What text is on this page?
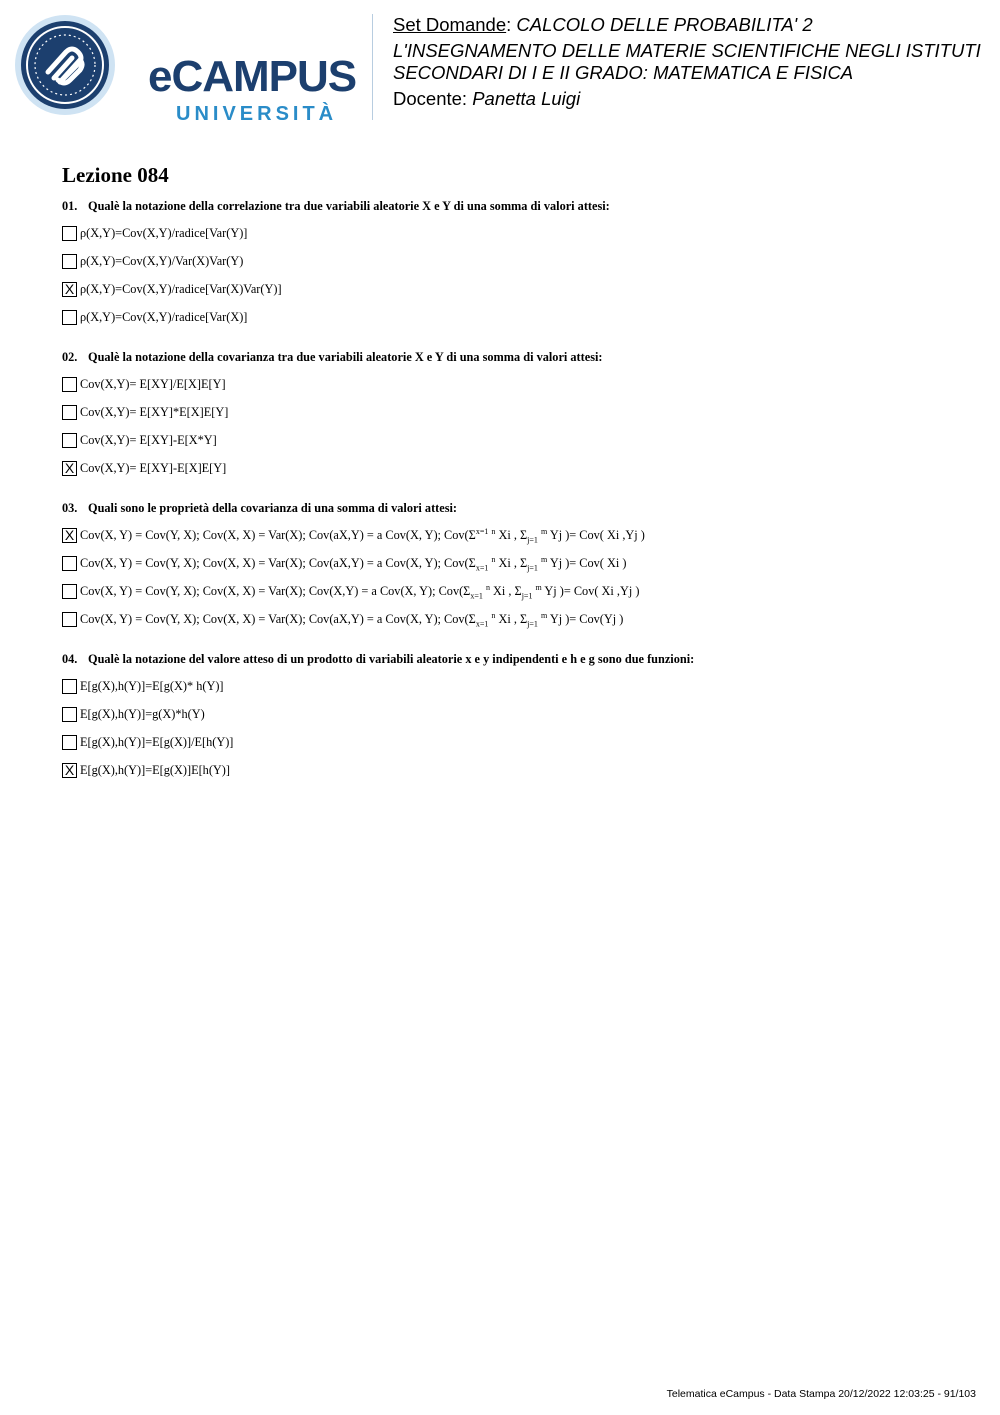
eCAMPUS
UNIVERSITÀ
Set Domande: CALCOLO DELLE PROBABILITA' 2
L'INSEGNAMENTO DELLE MATERIE SCIENTIFICHE NEGLI ISTITUTI
SECONDARI DI I E II GRADO: MATEMATICA E FISICA
Docente: Panetta Luigi
Lezione 084
01. Qualè la notazione della correlazione tra due variabili aleatorie X e Y di una somma di valori attesi:
ρ(X,Y)=Cov(X,Y)/radice[Var(Y)]
ρ(X,Y)=Cov(X,Y)/Var(X)Var(Y)
X ρ(X,Y)=Cov(X,Y)/radice[Var(X)Var(Y)]
ρ(X,Y)=Cov(X,Y)/radice[Var(X)]
02. Qualè la notazione della covarianza tra due variabili aleatorie X e Y di una somma di valori attesi:
Cov(X,Y)= E[XY]/E[X]E[Y]
Cov(X,Y)= E[XY]*E[X]E[Y]
Cov(X,Y)= E[XY]-E[X*Y]
X Cov(X,Y)= E[XY]-E[X]E[Y]
03. Quali sono le proprietà della covarianza di una somma di valori attesi:
X Cov(X, Y) = Cov(Y, X); Cov(X, X) = Var(X); Cov(aX,Y) = a Cov(X, Y); $Cov(\Sigma^{x=1}$ $^n$ Xi , $\Sigma_{j=1}$ $^m$ Yj )= Cov( Xi ,Yj )
Cov(X, Y) = Cov(Y, X); Cov(X, X) = Var(X); Cov(aX,Y) = a Cov(X, Y); $Cov(\Sigma_{x=1}$ $^n$ Xi , $\Sigma_{j=1}$ $^m$ Yj )= Cov( Xi )
Cov(X, Y) = Cov(Y, X); Cov(X, X) = Var(X); Cov(X,Y) = a Cov(X, Y); $Cov(\Sigma_{x=1}$ $^n$ Xi , $\Sigma_{j=1}$ $^m$ Yj )= Cov( Xi ,Yj )
Cov(X, Y) = Cov(Y, X); Cov(X, X) = Var(X); Cov(aX,Y) = a Cov(X, Y); $Cov(\Sigma_{x=1}$ $^n$ Xi , $\Sigma_{j=1}$ $^m$ Yj )= Cov(Yj )
04. Qualè la notazione del valore atteso di un prodotto di variabili aleatorie x e y indipendenti e h e g sono due funzioni:
E[g(X),h(Y)]=E[g(X)* h(Y)]
E[g(X),h(Y)]=g(X)*h(Y)
E[g(X),h(Y)]=E[g(X)]/E[h(Y)]
X E[g(X),h(Y)]=E[g(X)]E[h(Y)]
Telematica eCampus - Data Stampa 20/12/2022 12:03:25 - 91/103
